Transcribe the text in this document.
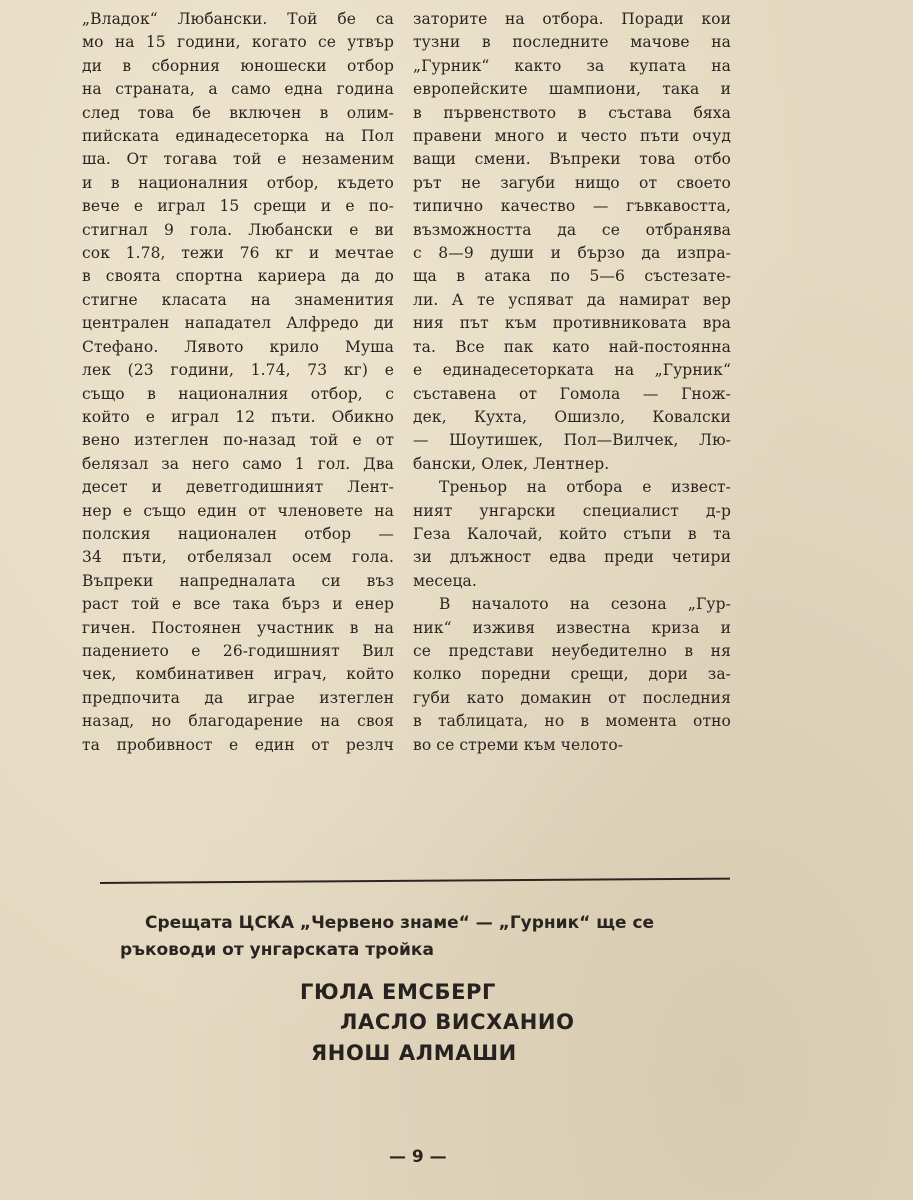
„Владок“ Любански. Той бе са
мо на 15 години, когато се утвър
ди в сборния юношески отбор
на страната, а само една година
след това бе включен в олим-
пийската единадесеторка на Пол
ша. От тогава той е незаменим
и в националния отбор, където
вече е играл 15 срещи и е по-
стигнал 9 гола. Любански е ви
сок 1.78, тежи 76 кг и мечтае
в своята спортна кариера да до
стигне класата на знаменития
централен нападател Алфредо ди
Стефано. Лявото крило Муша
лек (23 години, 1.74, 73 кг) е
също в националния отбор, с
който е играл 12 пъти. Обикно
вено изтеглен по-назад той е от
белязал за него само 1 гол. Два
десет и деветгодишният Лент-
нер е също един от членовете на
полския национален отбор —
34 пъти, отбелязал осем гола.
Въпреки напредналата си въз
раст той е все така бърз и енер
гичен. Постоянен участник в на
падението е 26-годишният Вил
чек, комбинативен играч, който
предпочита да играе изтеглен
назад, но благодарение на своя
та пробивност е един от резлч
заторите на отбора. Поради кои
тузни в последните мачове на
„Гурник“ както за купата на
европейските шампиони, така и
в първенството в състава бяха
правени много и често пъти очуд
ващи смени. Въпреки това отбо
рът не загуби нищо от своето
типично качество — гъвкавостта,
възможността да се отбранява
с 8—9 души и бързо да изпра-
ща в атака по 5—6 състезате-
ли. А те успяват да намират вер
ния път към противниковата вра
та. Все пак като най-постоянна
е единадесеторката на „Гурник“
съставена от Гомола — Гнож-
дек, Кухта, Ошизло, Ковалски
— Шоутишек, Пол—Вилчек, Лю-
бански, Олек, Лентнер.
Треньор на отбора е извест-
ният унгарски специалист д-р
Геза Калочай, който стъпи в та
зи длъжност едва преди четири
месеца.
В началото на сезона „Гур-
ник“ изживя известна криза и
се представи неубедително в ня
колко поредни срещи, дори за-
губи като домакин от последния
в таблицата, но в момента отно
во се стреми към челото-
Срещата ЦСКА „Червено знаме“ — „Гурник“ ще се
ръководи от унгарската тройка
ГЮЛА ЕМСБЕРГ
ЛАСЛО ВИСХАНИО
ЯНОШ АЛМАШИ
— 9 —
